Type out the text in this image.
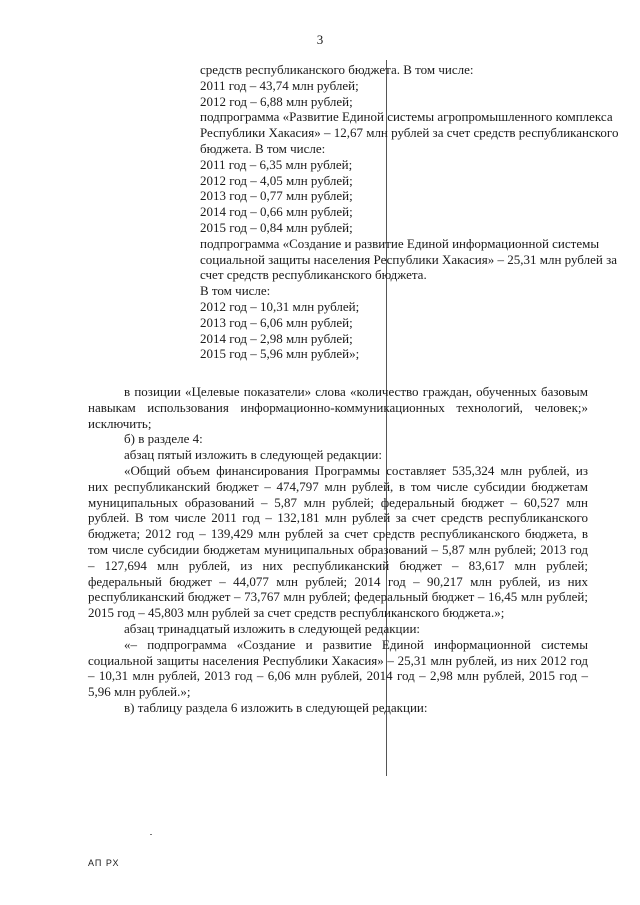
3
средств республиканского бюджета. В том числе:
2011 год – 43,74 млн рублей;
2012 год – 6,88 млн рублей;
подпрограмма «Развитие Единой системы агропромышленного комплекса Республики Хакасия» – 12,67 млн рублей за счет средств республиканского бюджета. В том числе:
2011 год – 6,35 млн рублей;
2012 год – 4,05 млн рублей;
2013 год – 0,77 млн рублей;
2014 год – 0,66 млн рублей;
2015 год – 0,84 млн рублей;
подпрограмма «Создание и развитие Единой информационной системы социальной защиты населения Республики Хакасия» – 25,31 млн рублей за счет средств республиканского бюджета.
В том числе:
2012 год – 10,31 млн рублей;
2013 год – 6,06 млн рублей;
2014 год – 2,98 млн рублей;
2015 год – 5,96 млн рублей»;

в позиции «Целевые показатели» слова «количество граждан, обученных базовым навыкам использования информационно-коммуникационных технологий, человек;» исключить;

б) в разделе 4:

абзац пятый изложить в следующей редакции:

«Общий объем финансирования Программы составляет 535,324 млн рублей, из них республиканский бюджет – 474,797 млн рублей, в том числе субсидии бюджетам муниципальных образований – 5,87 млн рублей; федеральный бюджет – 60,527 млн рублей. В том числе 2011 год – 132,181 млн рублей за счет средств республиканского бюджета; 2012 год – 139,429 млн рублей за счет средств республиканского бюджета, в том числе субсидии бюджетам муниципальных образований – 5,87 млн рублей; 2013 год – 127,694 млн рублей, из них республиканский бюджет – 83,617 млн рублей; федеральный бюджет – 44,077 млн рублей; 2014 год – 90,217 млн рублей, из них республиканский бюджет – 73,767 млн рублей; федеральный бюджет – 16,45 млн рублей; 2015 год – 45,803 млн рублей за счет средств республиканского бюджета.»;

абзац тринадцатый изложить в следующей редакции:

«– подпрограмма «Создание и развитие Единой информационной системы социальной защиты населения Республики Хакасия» – 25,31 млн рублей, из них 2012 год – 10,31 млн рублей, 2013 год – 6,06 млн рублей, 2014 год – 2,98 млн рублей, 2015 год – 5,96 млн рублей.»;

в) таблицу раздела 6 изложить в следующей редакции:

АП РХ
